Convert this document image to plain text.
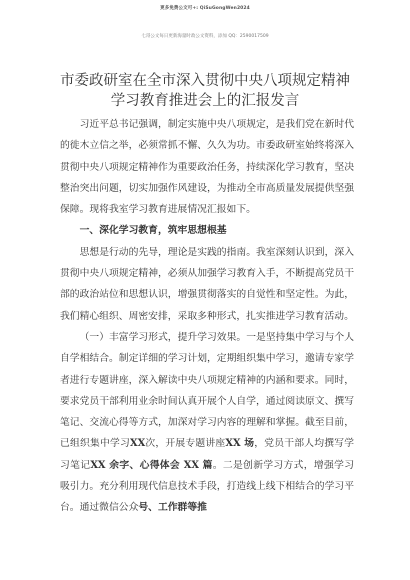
更多免费公文可+: QiSuGongWen2024
七哥公文每日更新海量时政公文资料，添加 QQ：2590017509
市委政研室在全市深入贯彻中央八项规定精神学习教育推进会上的汇报发言

习近平总书记强调，制定实施中央八项规定，是我们党在新时代的徙木立信之举，必须常抓不懈、久久为功。市委政研室始终将深入贯彻中央八项规定精神作为重要政治任务，持续深化学习教育，坚决整治突出问题，切实加强作风建设，为推动全市高质量发展提供坚强保障。现将我室学习教育进展情况汇报如下。

一、深化学习教育，筑牢思想根基

思想是行动的先导，理论是实践的指南。我室深刻认识到，深入贯彻中央八项规定精神，必须从加强学习教育入手，不断提高党员干部的政治站位和思想认识，增强贯彻落实的自觉性和坚定性。为此，我们精心组织、周密安排，采取多种形式，扎实推进学习教育活动。

（一）丰富学习形式，提升学习效果。一是坚持集中学习与个人自学相结合。制定详细的学习计划，定期组织集中学习，邀请专家学者进行专题讲座，深入解读中央八项规定精神的内涵和要求。同时，要求党员干部利用业余时间认真开展个人自学，通过阅读原文、撰写笔记、交流心得等方式，加深对学习内容的理解和掌握。截至目前，已组织集中学习XX次，开展专题讲座XX 场，党员干部人均撰写学习笔记XX 余字、心得体会 XX 篇。二是创新学习方式，增强学习吸引力。充分利用现代信息技术手段，打造线上线下相结合的学习平台。通过微信公众号、工作群等推
